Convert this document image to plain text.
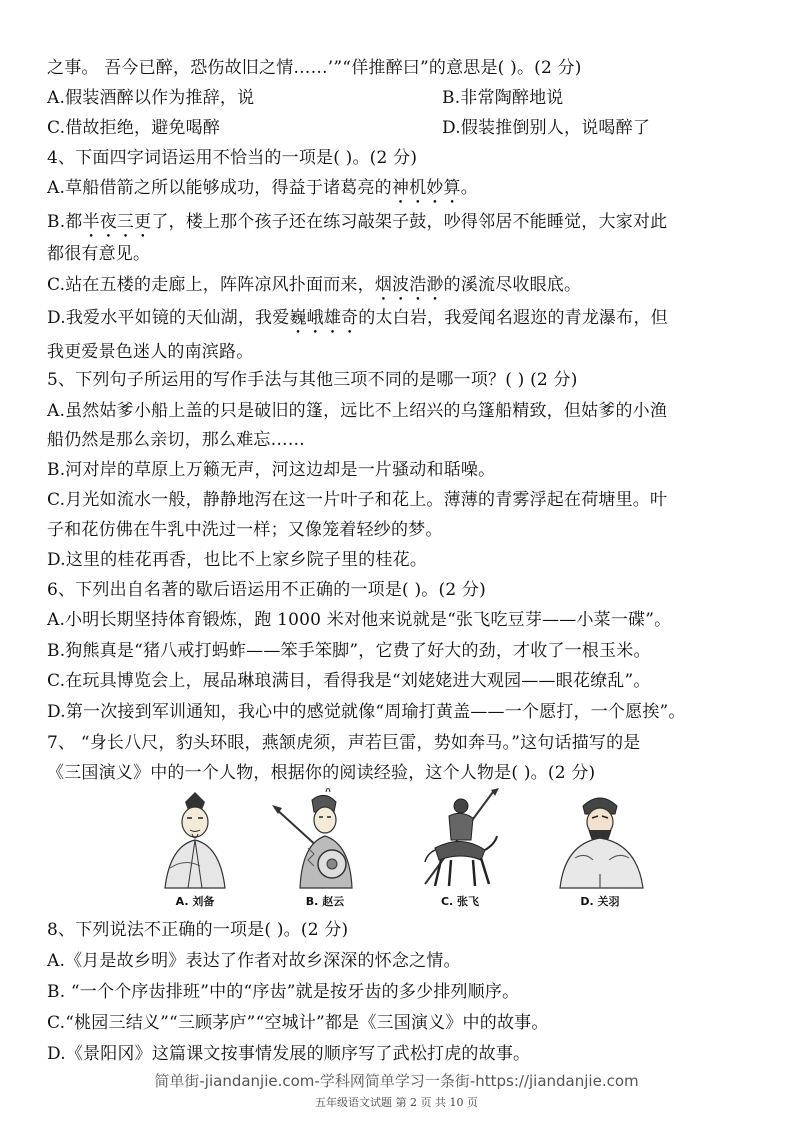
之事。 吾今已醉，恐伤故旧之情……’”“佯推醉曰”的意思是( )。(2 分)
A.假装酒醉以作为推辞，说	B.非常陶醉地说
C.借故拒绝，避免喝醉	D.假装推倒别人，说喝醉了
4、下面四字词语运用不恰当的一项是( )。(2 分)
A.草船借箭之所以能够成功，得益于诸葛亮的神机妙算。
B.都半夜三更了，楼上那个孩子还在练习敲架子鼓，吵得邻居不能睡觉，大家对此
都很有意见。
C.站在五楼的走廊上，阵阵凉风扑面而来，烟波浩渺的溪流尽收眼底。
D.我爱水平如镜的天仙湖，我爱巍峨雄奇的太白岩，我爱闻名遐迩的青龙瀑布，但
我更爱景色迷人的南滨路。
5、下列句子所运用的写作手法与其他三项不同的是哪一项？( ) (2 分)
A.虽然姑爹小船上盖的只是破旧的篷，远比不上绍兴的乌篷船精致，但姑爹的小渔
船仍然是那么亲切，那么难忘……
B.河对岸的草原上万籁无声，河这边却是一片骚动和聒噪。
C.月光如流水一般，静静地泻在这一片叶子和花上。薄薄的青雾浮起在荷塘里。叶
子和花仿佛在牛乳中洗过一样；又像笼着轻纱的梦。
D.这里的桂花再香，也比不上家乡院子里的桂花。
6、下列出自名著的歇后语运用不正确的一项是( )。(2 分)
A.小明长期坚持体育锻炼，跑 1000 米对他来说就是“张飞吃豆芽——小菜一碟”。
B.狗熊真是“猪八戒打蚂蚱——笨手笨脚”，它费了好大的劲，才收了一根玉米。
C.在玩具博览会上，展品琳琅满目，看得我是“刘姥姥进大观园——眼花缭乱”。
D.第一次接到军训通知，我心中的感觉就像“周瑜打黄盖——一个愿打，一个愿挨”。
7、 “身长八尺，豹头环眼，燕颔虎须，声若巨雷，势如奔马。”这句话描写的是
《三国演义》中的一个人物，根据你的阅读经验，这个人物是( )。(2 分)
A. 刘备	B. 赵云	C. 张飞	D. 关羽
8、下列说法不正确的一项是( )。(2 分)
A.《月是故乡明》表达了作者对故乡深深的怀念之情。
B. “一个个序齿排班”中的“序齿”就是按牙齿的多少排列顺序。
C.“桃园三结义”“三顾茅庐”“空城计”都是《三国演义》中的故事。
D.《景阳冈》这篇课文按事情发展的顺序写了武松打虎的故事。
简单街-jiandanjie.com-学科网简单学习一条街-https://jiandanjie.com
五年级语文试题 第 2 页 共 10 页
